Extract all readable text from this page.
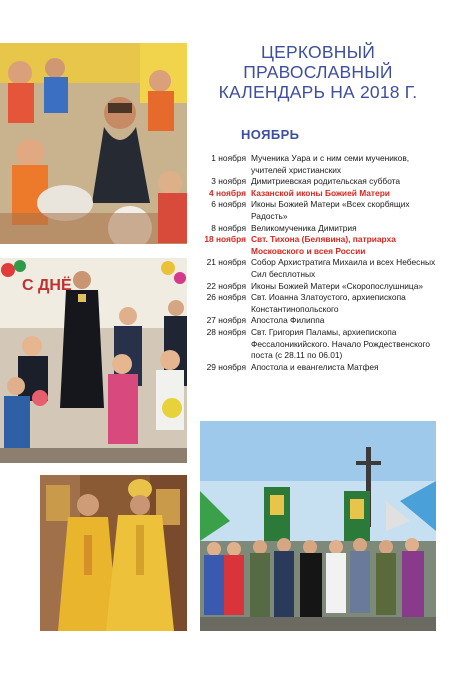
С ДНЁ
ЦЕРКОВНЫЙ ПРАВОСЛАВНЫЙ
КАЛЕНДАРЬ НА 2018 Г.
НОЯБРЬ
1 ноября Мученика Уара и с ним семи мучеников, учителей христианских
3 ноября Димитриевская родительская суббота
4 ноября Казанской иконы Божией Матери
6 ноября Иконы Божией Матери «Всех скорбящих Радость»
8 ноября Великомученика Димитрия
18 ноября Свт. Тихона (Белявина), патриарха Московского и всея России
21 ноября Собор Архистратига Михаила и всех Небесных Сил бесплотных
22 ноября Иконы Божией Матери «Скоропослушница»
26 ноября Свт. Иоанна Златоустого, архиепископа Константинопольского
27 ноября Апостола Филиппа
28 ноября Свт. Григория Паламы, архиепископа Фессалоникийского. Начало Рождественского поста (с 28.11 по 06.01)
29 ноября Апостола и евангелиста Матфея
